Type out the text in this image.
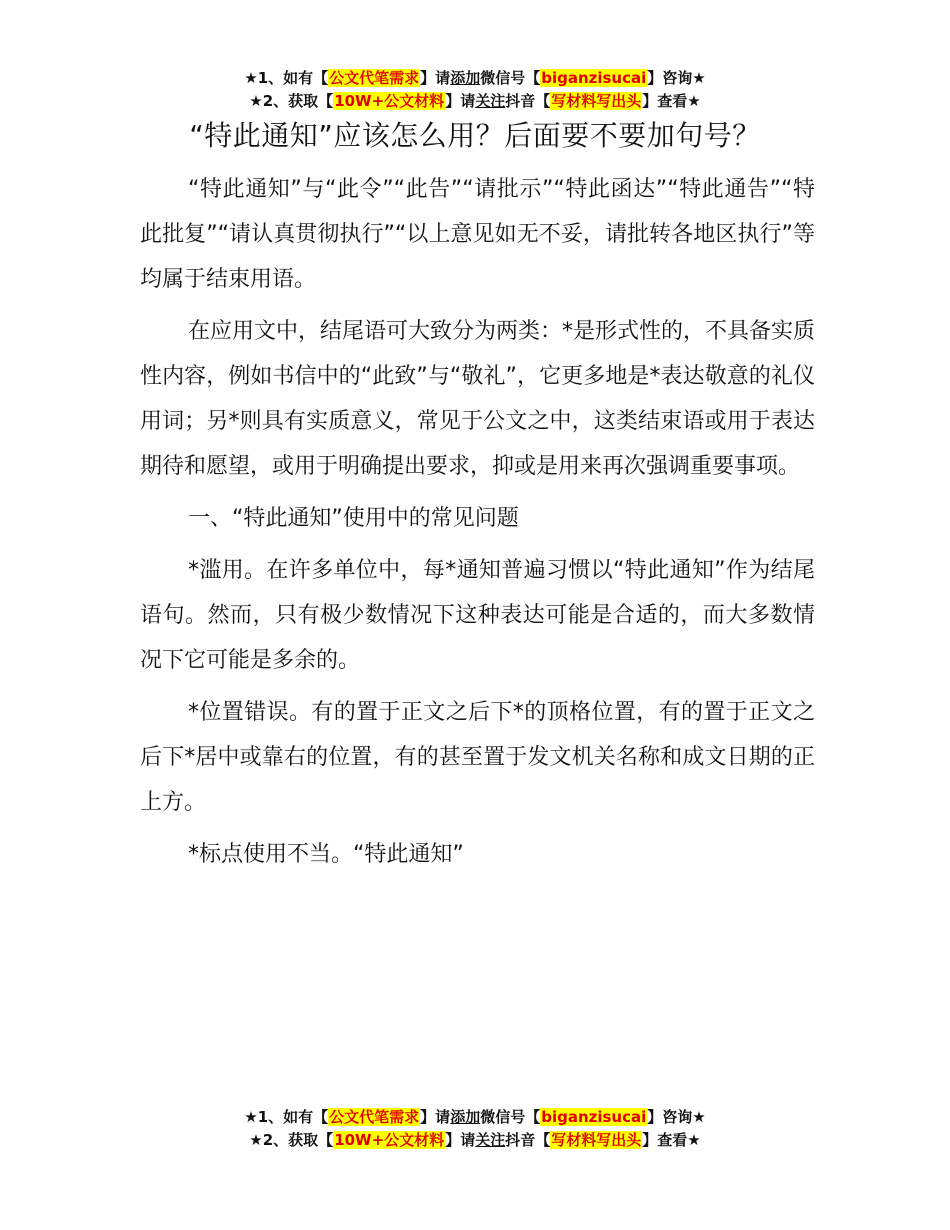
★1、如有【公文代笔需求】请添加微信号【biganzisucai】咨询★
★2、获取【10W+公文材料】请关注抖音【写材料写出头】查看★
“特此通知”应该怎么用？后面要不要加句号？

“特此通知”与“此令”“此告”“请批示”“特此函达”“特此通告”“特此批复”“请认真贯彻执行”“以上意见如无不妥，请批转各地区执行”等均属于结束用语。

在应用文中，结尾语可大致分为两类：*是形式性的，不具备实质性内容，例如书信中的“此致”与“敬礼”，它更多地是*表达敬意的礼仪用词；另*则具有实质意义，常见于公文之中，这类结束语或用于表达期待和愿望，或用于明确提出要求，抑或是用来再次强调重要事项。

一、“特此通知”使用中的常见问题

*滥用。在许多单位中，每*通知普遍习惯以“特此通知”作为结尾语句。然而，只有极少数情况下这种表达可能是合适的，而大多数情况下它可能是多余的。

*位置错误。有的置于正文之后下*的顶格位置，有的置于正文之后下*居中或靠右的位置，有的甚至置于发文机关名称和成文日期的正上方。

*标点使用不当。“特此通知”

★1、如有【公文代笔需求】请添加微信号【biganzisucai】咨询★
★2、获取【10W+公文材料】请关注抖音【写材料写出头】查看★
